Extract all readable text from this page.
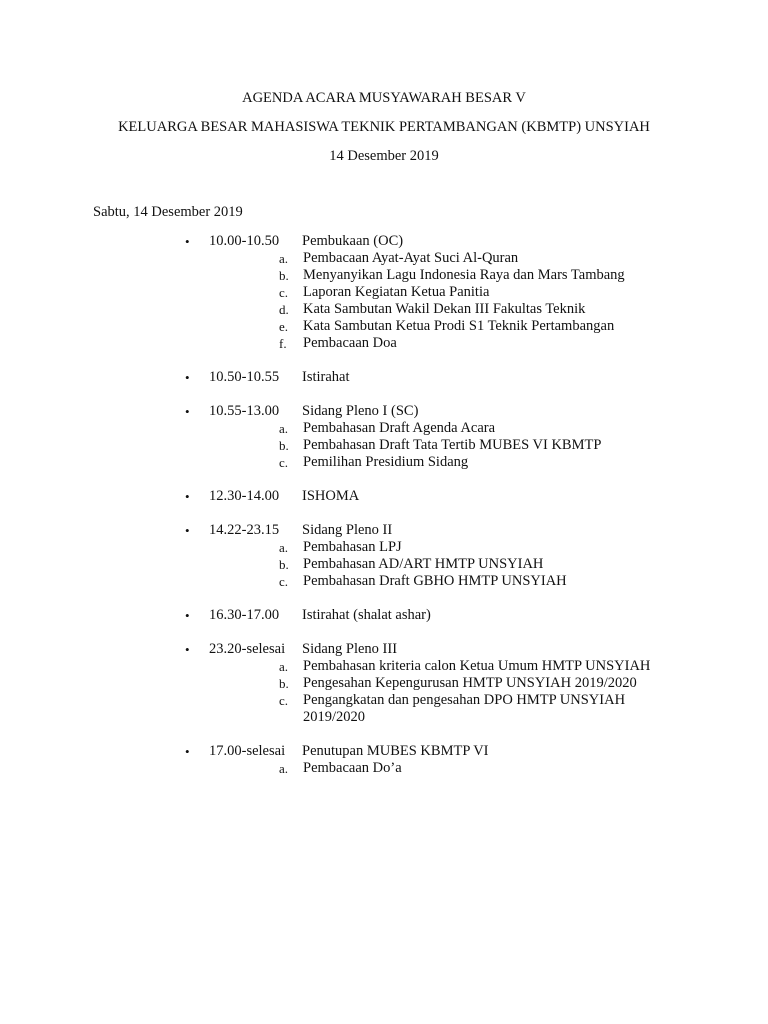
AGENDA ACARA MUSYAWARAH BESAR V
KELUARGA BESAR MAHASISWA TEKNIK PERTAMBANGAN (KBMTP) UNSYIAH
14 Desember 2019
Sabtu, 14 Desember 2019
• 10.00-10.50 Pembukaan (OC)
a. Pembacaan Ayat-Ayat Suci Al-Quran
b. Menyanyikan Lagu Indonesia Raya dan Mars Tambang
c. Laporan Kegiatan Ketua Panitia
d. Kata Sambutan Wakil Dekan III Fakultas Teknik
e. Kata Sambutan Ketua Prodi S1 Teknik Pertambangan
f. Pembacaan Doa
• 10.50-10.55 Istirahat
• 10.55-13.00 Sidang Pleno I (SC)
a. Pembahasan Draft Agenda Acara
b. Pembahasan Draft Tata Tertib MUBES VI KBMTP
c. Pemilihan Presidium Sidang
• 12.30-14.00 ISHOMA
• 14.22-23.15 Sidang Pleno II
a. Pembahasan LPJ
b. Pembahasan AD/ART HMTP UNSYIAH
c. Pembahasan Draft GBHO HMTP UNSYIAH
• 16.30-17.00 Istirahat (shalat ashar)
• 23.20-selesai Sidang Pleno III
a. Pembahasan kriteria calon Ketua Umum HMTP UNSYIAH
b. Pengesahan Kepengurusan HMTP UNSYIAH 2019/2020
c. Pengangkatan dan pengesahan DPO HMTP UNSYIAH 2019/2020
• 17.00-selesai Penutupan MUBES KBMTP VI
a. Pembacaan Do’a
